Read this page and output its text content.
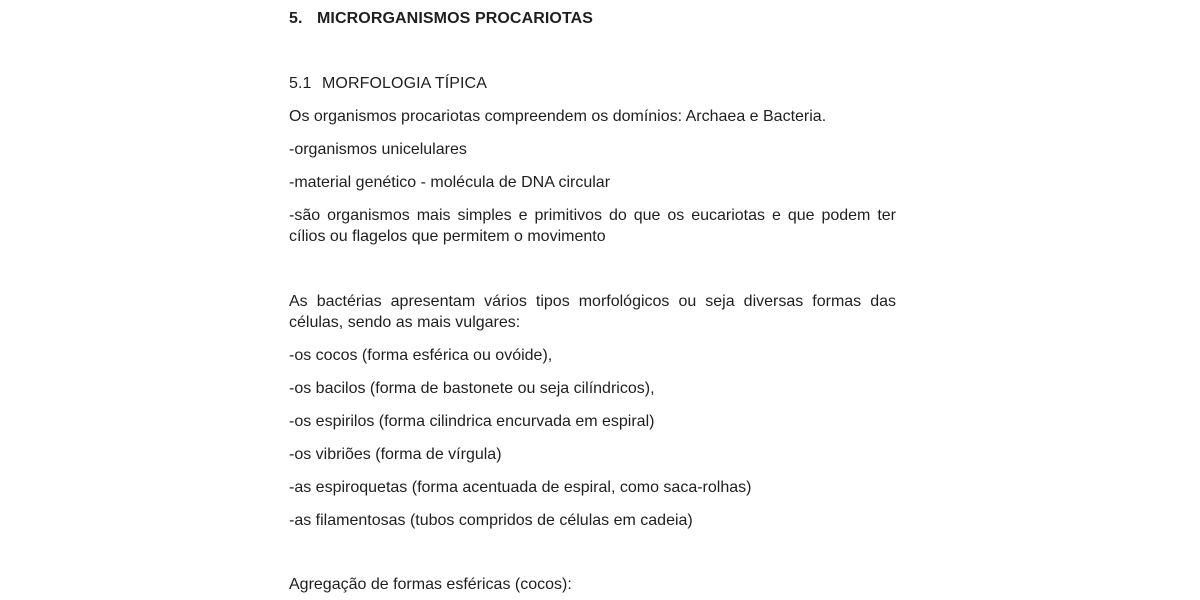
5. MICRORGANISMOS PROCARIOTAS
5.1 MORFOLOGIA TÍPICA

Os organismos procariotas compreendem os domínios: Archaea e Bacteria.

-organismos unicelulares

-material genético - molécula de DNA circular

-são organismos mais simples e primitivos do que os eucariotas e que podem ter cílios ou flagelos que permitem o movimento

As bactérias apresentam vários tipos morfológicos ou seja diversas formas das células, sendo as mais vulgares:

-os cocos (forma esférica ou ovóide),

-os bacilos (forma de bastonete ou seja cilíndricos),

-os espirilos (forma cilindrica encurvada em espiral)

-os vibriões (forma de vírgula)

-as espiroquetas (forma acentuada de espiral, como saca-rolhas)

-as filamentosas (tubos compridos de células em cadeia)

Agregação de formas esféricas (cocos):
